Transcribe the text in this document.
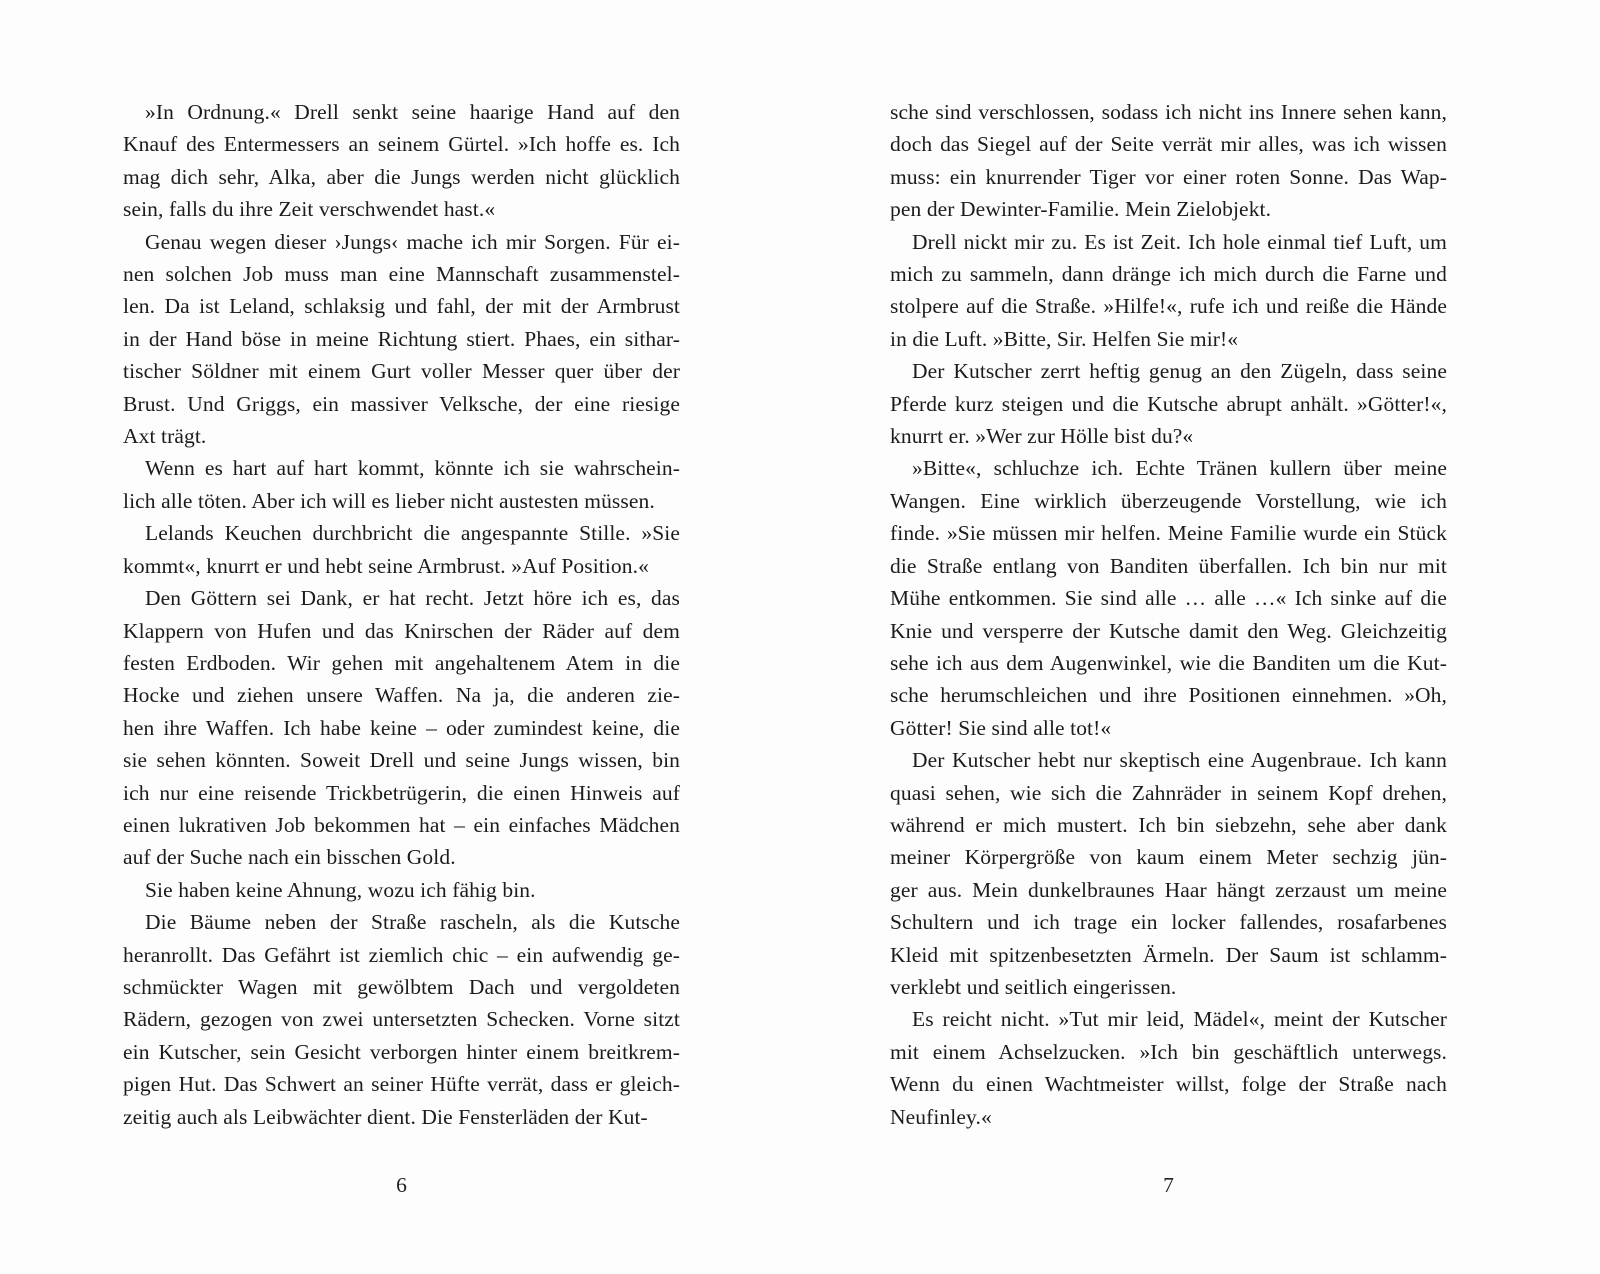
»In Ordnung.« Drell senkt seine haarige Hand auf den
Knauf des Entermessers an seinem Gürtel. »Ich hoffe es. Ich
mag dich sehr, Alka, aber die Jungs werden nicht glücklich
sein, falls du ihre Zeit verschwendet hast.«
Genau wegen dieser ›Jungs‹ mache ich mir Sorgen. Für ei-
nen solchen Job muss man eine Mannschaft zusammenstel-
len. Da ist Leland, schlaksig und fahl, der mit der Armbrust
in der Hand böse in meine Richtung stiert. Phaes, ein sithar-
tischer Söldner mit einem Gurt voller Messer quer über der
Brust. Und Griggs, ein massiver Velksche, der eine riesige
Axt trägt.
Wenn es hart auf hart kommt, könnte ich sie wahrschein-
lich alle töten. Aber ich will es lieber nicht austesten müssen.
Lelands Keuchen durchbricht die angespannte Stille. »Sie
kommt«, knurrt er und hebt seine Armbrust. »Auf Position.«
Den Göttern sei Dank, er hat recht. Jetzt höre ich es, das
Klappern von Hufen und das Knirschen der Räder auf dem
festen Erdboden. Wir gehen mit angehaltenem Atem in die
Hocke und ziehen unsere Waffen. Na ja, die anderen zie-
hen ihre Waffen. Ich habe keine – oder zumindest keine, die
sie sehen könnten. Soweit Drell und seine Jungs wissen, bin
ich nur eine reisende Trickbetrügerin, die einen Hinweis auf
einen lukrativen Job bekommen hat – ein einfaches Mädchen
auf der Suche nach ein bisschen Gold.
Sie haben keine Ahnung, wozu ich fähig bin.
Die Bäume neben der Straße rascheln, als die Kutsche
heranrollt. Das Gefährt ist ziemlich chic – ein aufwendig ge-
schmückter Wagen mit gewölbtem Dach und vergoldeten
Rädern, gezogen von zwei untersetzten Schecken. Vorne sitzt
ein Kutscher, sein Gesicht verborgen hinter einem breitkrem-
pigen Hut. Das Schwert an seiner Hüfte verrät, dass er gleich-
zeitig auch als Leibwächter dient. Die Fensterläden der Kut-
sche sind verschlossen, sodass ich nicht ins Innere sehen kann,
doch das Siegel auf der Seite verrät mir alles, was ich wissen
muss: ein knurrender Tiger vor einer roten Sonne. Das Wap-
pen der Dewinter-Familie. Mein Zielobjekt.
Drell nickt mir zu. Es ist Zeit. Ich hole einmal tief Luft, um
mich zu sammeln, dann dränge ich mich durch die Farne und
stolpere auf die Straße. »Hilfe!«, rufe ich und reiße die Hände
in die Luft. »Bitte, Sir. Helfen Sie mir!«
Der Kutscher zerrt heftig genug an den Zügeln, dass seine
Pferde kurz steigen und die Kutsche abrupt anhält. »Götter!«,
knurrt er. »Wer zur Hölle bist du?«
»Bitte«, schluchze ich. Echte Tränen kullern über meine
Wangen. Eine wirklich überzeugende Vorstellung, wie ich
finde. »Sie müssen mir helfen. Meine Familie wurde ein Stück
die Straße entlang von Banditen überfallen. Ich bin nur mit
Mühe entkommen. Sie sind alle … alle …« Ich sinke auf die
Knie und versperre der Kutsche damit den Weg. Gleichzeitig
sehe ich aus dem Augenwinkel, wie die Banditen um die Kut-
sche herumschleichen und ihre Positionen einnehmen. »Oh,
Götter! Sie sind alle tot!«
Der Kutscher hebt nur skeptisch eine Augenbraue. Ich kann
quasi sehen, wie sich die Zahnräder in seinem Kopf drehen,
während er mich mustert. Ich bin siebzehn, sehe aber dank
meiner Körpergröße von kaum einem Meter sechzig jün-
ger aus. Mein dunkelbraunes Haar hängt zerzaust um meine
Schultern und ich trage ein locker fallendes, rosafarbenes
Kleid mit spitzenbesetzten Ärmeln. Der Saum ist schlamm-
verklebt und seitlich eingerissen.
Es reicht nicht. »Tut mir leid, Mädel«, meint der Kutscher
mit einem Achselzucken. »Ich bin geschäftlich unterwegs.
Wenn du einen Wachtmeister willst, folge der Straße nach
Neufinley.«
6	7
